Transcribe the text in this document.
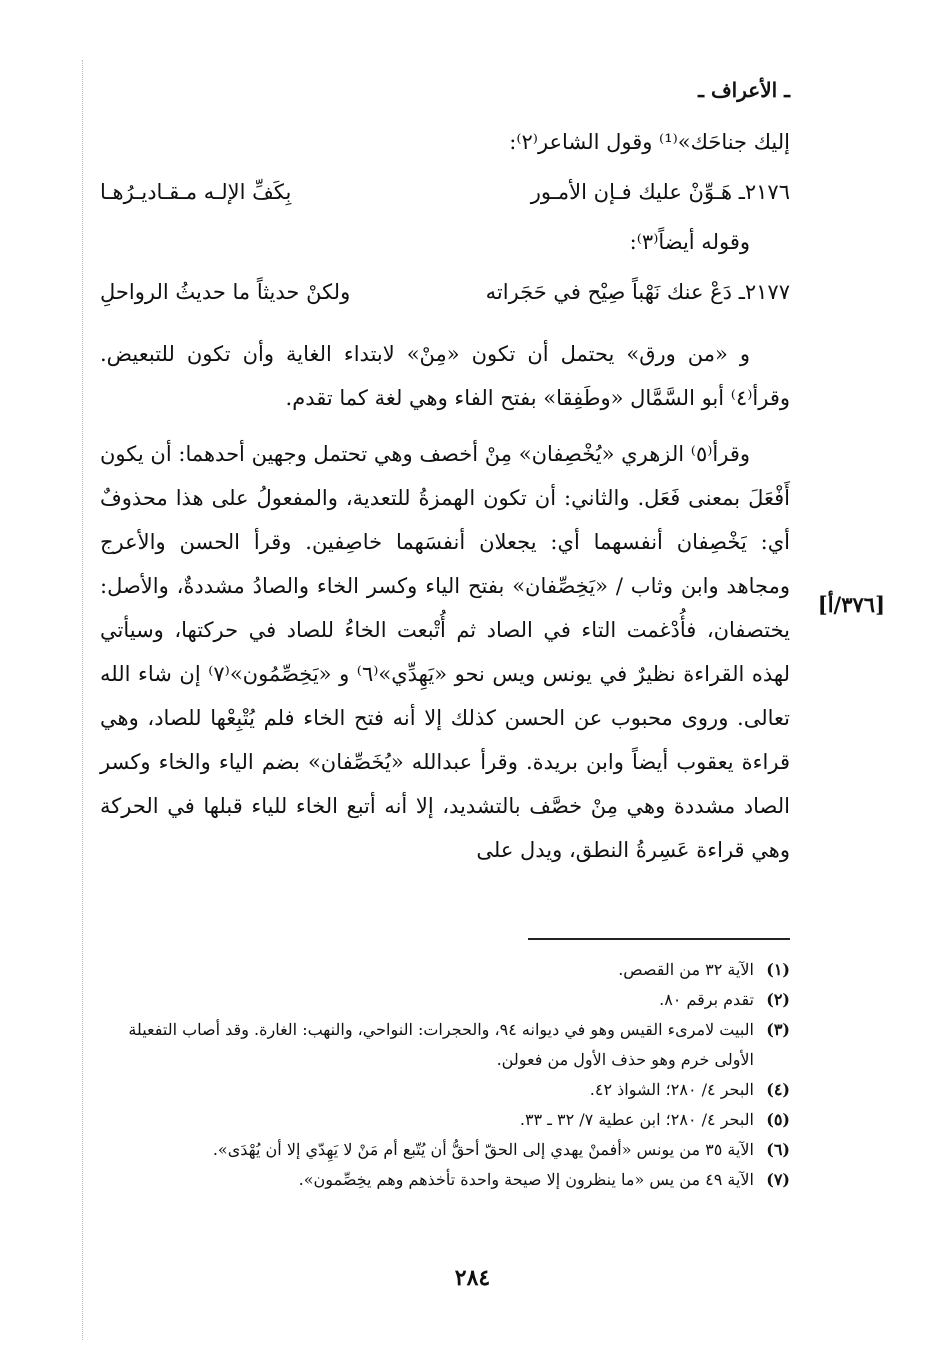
ـ الأعراف ـ
[٣٧٦/أ]

إليك جناحَك»⁽¹⁾ وقول الشاعر⁽٢⁾:

٢١٧٦ـ هَـوِّنْ عليك فـإن الأمـور
بِكَفِّ الإلـه مـقـاديـرُهـا

وقوله أيضاً⁽٣⁾:

٢١٧٧ـ دَعْ عنك نَهْباً صِيْح في حَجَراته
ولكنْ حديثاً ما حديثُ الرواحلِ

و «من ورق» يحتمل أن تكون «مِنْ» لابتداء الغاية وأن تكون للتبعيض. وقرأ⁽٤⁾ أبو السَّمَّال «وطَفِقا» بفتح الفاء وهي لغة كما تقدم.

وقرأ⁽٥⁾ الزهري «يُخْصِفان» مِنْ أخصف وهي تحتمل وجهين أحدهما: أن يكون أَفْعَلَ بمعنى فَعَل. والثاني: أن تكون الهمزةُ للتعدية، والمفعولُ على هذا محذوفٌ أي: يَخْصِفان أنفسهما أي: يجعلان أنفسَهما خاصِفين. وقرأ الحسن والأعرج ومجاهد وابن وثاب / «يَخِصِّفان» بفتح الياء وكسر الخاء والصادُ مشددةٌ، والأصل: يختصفان، فأُدْغمت التاء في الصاد ثم أُتْبعت الخاءُ للصاد في حركتها، وسيأتي لهذه القراءة نظيرٌ في يونس ويس نحو «يَهِدِّي»⁽٦⁾ و «يَخِصِّمُون»⁽٧⁾ إن شاء الله تعالى. وروى محبوب عن الحسن كذلك إلا أنه فتح الخاء فلم يُتْبِعْها للصاد، وهي قراءة يعقوب أيضاً وابن بريدة. وقرأ عبدالله «يُخَصِّفان» بضم الياء والخاء وكسر الصاد مشددة وهي مِنْ خصَّف بالتشديد، إلا أنه أتبع الخاء للياء قبلها في الحركة وهي قراءة عَسِرةُ النطق، ويدل على

(١)
الآية ٣٢ من القصص.
(٢)
تقدم برقم ٨٠.
(٣)
البيت لامرىء القيس وهو في ديوانه ٩٤، والحجرات: النواحي، والنهب: الغارة. وقد أصاب التفعيلة الأولى خرم وهو حذف الأول من فعولن.
(٤)
البحر ٤/ ٢٨٠؛ الشواذ ٤٢.
(٥)
البحر ٤/ ٢٨٠؛ ابن عطية ٧/ ٣٢ ـ ٣٣.
(٦)
الآية ٣٥ من يونس «أفمنْ يهدي إلى الحقّ أحقُّ أن يُتّبع أم مَنْ لا يَهِدّي إلا أن يُهْدَى».
(٧)
الآية ٤٩ من يس «ما ينظرون إلا صيحة واحدة تأخذهم وهم يخِصِّمون».
٢٨٤
